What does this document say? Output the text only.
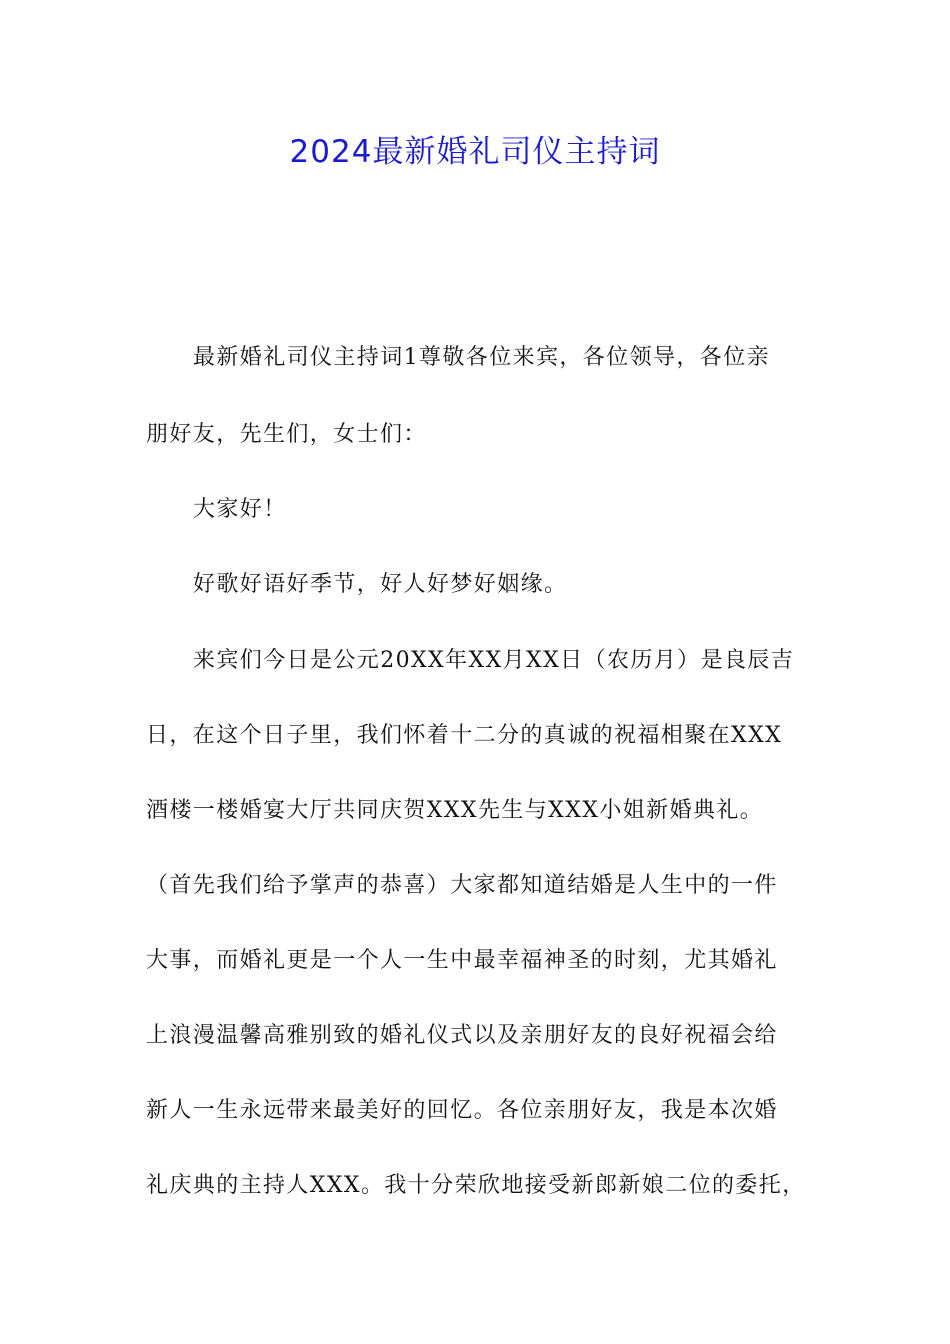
2024最新婚礼司仪主持词
最新婚礼司仪主持词1尊敬各位来宾，各位领导，各位亲
朋好友，先生们，女士们：
大家好！
好歌好语好季节，好人好梦好姻缘。
来宾们今日是公元20XX年XX月XX日（农历月）是良辰吉
日，在这个日子里，我们怀着十二分的真诚的祝福相聚在XXX
酒楼一楼婚宴大厅共同庆贺XXX先生与XXX小姐新婚典礼。
（首先我们给予掌声的恭喜）大家都知道结婚是人生中的一件
大事，而婚礼更是一个人一生中最幸福神圣的时刻，尤其婚礼
上浪漫温馨高雅别致的婚礼仪式以及亲朋好友的良好祝福会给
新人一生永远带来最美好的回忆。各位亲朋好友，我是本次婚
礼庆典的主持人XXX。我十分荣欣地接受新郎新娘二位的委托，
